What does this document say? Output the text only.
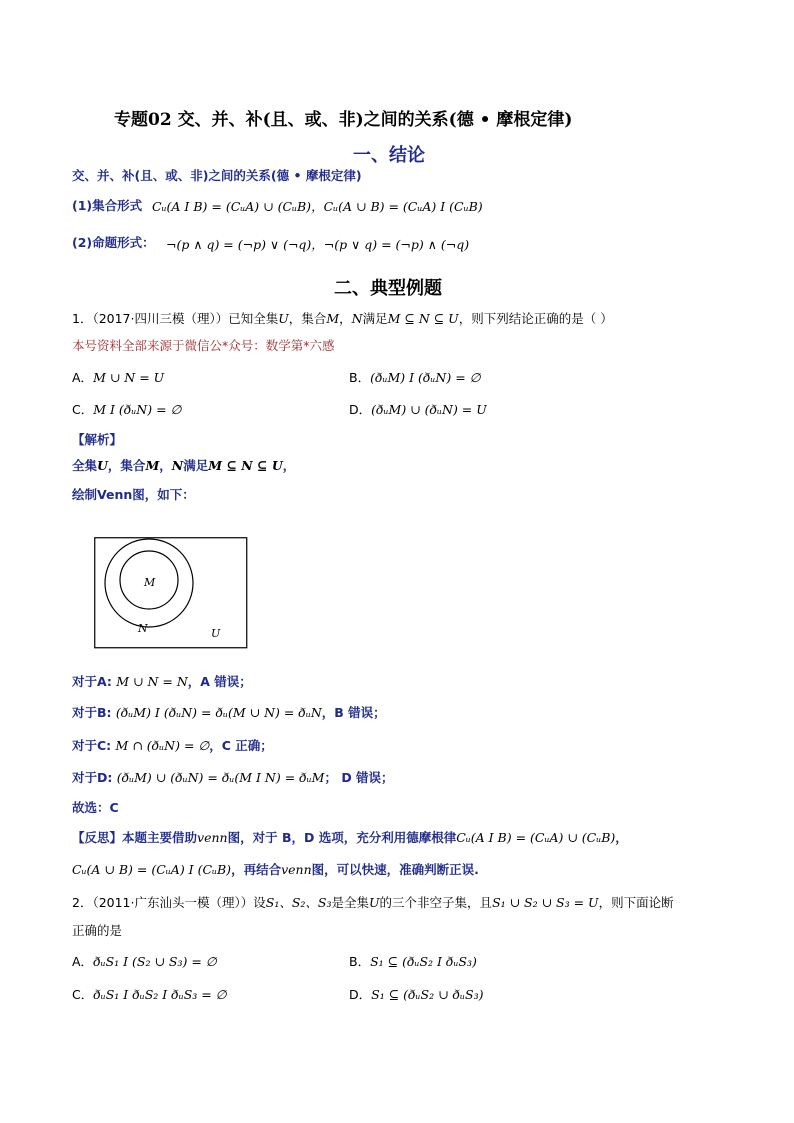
专题02 交、并、补(且、或、非)之间的关系(德 • 摩根定律)
一、结论
交、并、补(且、或、非)之间的关系(德 • 摩根定律)
(1)集合形式 Cᵤ(A I B) = (CᵤA) ∪ (CᵤB)，Cᵤ(A ∪ B) = (CᵤA) I (CᵤB)
(2)命题形式： ¬(p ∧ q) = (¬p) ∨ (¬q)，¬(p ∨ q) = (¬p) ∧ (¬q)
二、典型例题
1．（2017·四川三模（理））已知全集U，集合M，N满足M ⊆ N ⊆ U，则下列结论正确的是（ ）
本号资料全部来源于微信公*众号：数学第*六感
A．M ∪ N = U	B．(ðᵤM) I (ðᵤN) = ∅
C．M I (ðᵤN) = ∅	D．(ðᵤM) ∪ (ðᵤN) = U
【解析】
全集U，集合M，N满足M ⊆ N ⊆ U，
绘制Venn图，如下：
M
N	U
对于A: M ∪ N = N，A 错误；
对于B: (ðᵤM) I (ðᵤN) = ðᵤ(M ∪ N) = ðᵤN，B 错误；
对于C: M ∩ (ðᵤN) = ∅，C 正确；
对于D: (ðᵤM) ∪ (ðᵤN) = ðᵤ(M I N) = ðᵤM； D 错误；
故选：C
【反思】本题主要借助venn图，对于 B，D 选项，充分利用德摩根律Cᵤ(A I B) = (CᵤA) ∪ (CᵤB)，
Cᵤ(A ∪ B) = (CᵤA) I (CᵤB)，再结合venn图，可以快速，准确判断正误.
2．（2011·广东汕头一模（理））设S₁、S₂、S₃是全集U的三个非空子集，且S₁ ∪ S₂ ∪ S₃ = U，则下面论断
正确的是
A．ðᵤS₁ I (S₂ ∪ S₃) = ∅	B．S₁ ⊆ (ðᵤS₂ I ðᵤS₃)
C．ðᵤS₁ I ðᵤS₂ I ðᵤS₃ = ∅	D．S₁ ⊆ (ðᵤS₂ ∪ ðᵤS₃)
